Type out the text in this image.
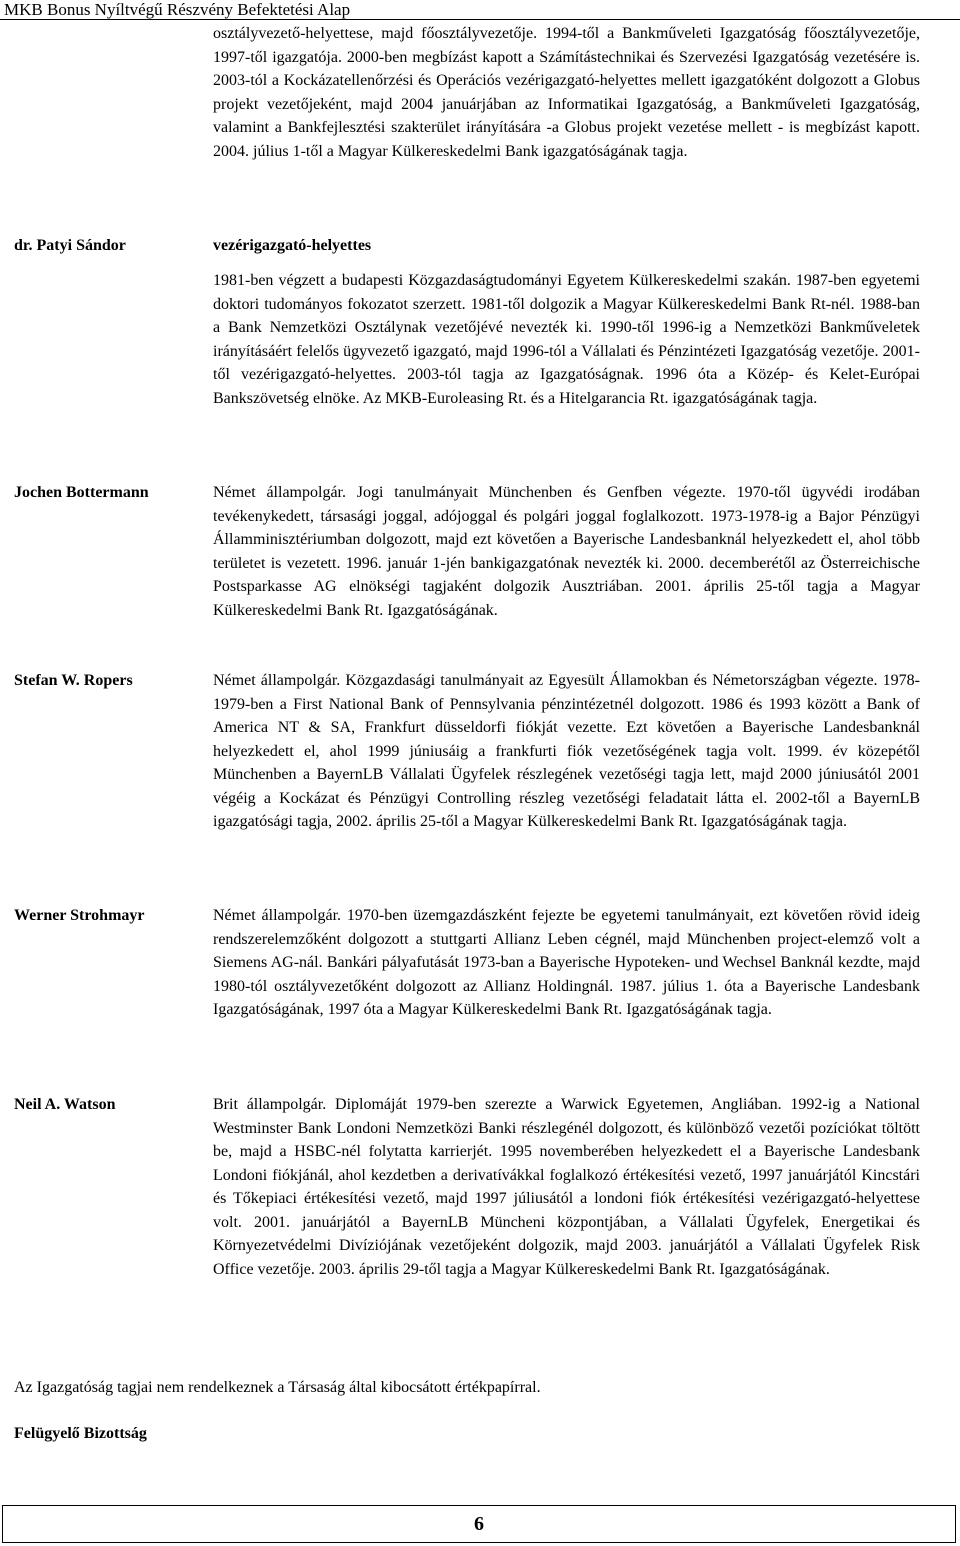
MKB Bonus Nyíltvégű Részvény Befektetési Alap

osztályvezető-helyettese, majd főosztályvezetője. 1994-től a Bankműveleti Igazgatóság főosztályvezetője, 1997-től igazgatója. 2000-ben megbízást kapott a Számítástechnikai és Szervezési Igazgatóság vezetésére is. 2003-tól a Kockázatellenőrzési és Operációs vezérigazgató-helyettes mellett igazgatóként dolgozott a Globus projekt vezetőjeként, majd 2004 januárjában az Informatikai Igazgatóság, a Bankműveleti Igazgatóság, valamint a Bankfejlesztési szakterület irányítására -a Globus projekt vezetése mellett - is megbízást kapott. 2004. július 1-től a Magyar Külkereskedelmi Bank igazgatóságának tagja.

dr. Patyi Sándor	vezérigazgató-helyettes

1981-ben végzett a budapesti Közgazdaságtudományi Egyetem Külkereskedelmi szakán. 1987-ben egyetemi doktori tudományos fokozatot szerzett. 1981-től dolgozik a Magyar Külkereskedelmi Bank Rt-nél. 1988-ban a Bank Nemzetközi Osztálynak vezetőjévé nevezték ki. 1990-től 1996-ig a Nemzetközi Bankműveletek irányításáért felelős ügyvezető igazgató, majd 1996-tól a Vállalati és Pénzintézeti Igazgatóság vezetője. 2001-től vezérigazgató-helyettes. 2003-tól tagja az Igazgatóságnak. 1996 óta a Közép- és Kelet-Európai Bankszövetség elnöke. Az MKB-Euroleasing Rt. és a Hitelgarancia Rt. igazgatóságának tagja.

Jochen Bottermann	Német állampolgár. Jogi tanulmányait Münchenben és Genfben végezte. 1970-től ügyvédi irodában tevékenykedett, társasági joggal, adójoggal és polgári joggal foglalkozott. 1973-1978-ig a Bajor Pénzügyi Államminisztériumban dolgozott, majd ezt követően a Bayerische Landesbanknál helyezkedett el, ahol több területet is vezetett. 1996. január 1-jén bankigazgatónak nevezték ki. 2000. decemberétől az Österreichische Postsparkasse AG elnökségi tagjaként dolgozik Ausztriában. 2001. április 25-től tagja a Magyar Külkereskedelmi Bank Rt. Igazgatóságának.

Stefan W. Ropers	Német állampolgár. Közgazdasági tanulmányait az Egyesült Államokban és Németországban végezte. 1978-1979-ben a First National Bank of Pennsylvania pénzintézetnél dolgozott. 1986 és 1993 között a Bank of America NT & SA, Frankfurt düsseldorfi fiókját vezette. Ezt követően a Bayerische Landesbanknál helyezkedett el, ahol 1999 júniusáig a frankfurti fiók vezetőségének tagja volt. 1999. év közepétől Münchenben a BayernLB Vállalati Ügyfelek részlegének vezetőségi tagja lett, majd 2000 júniusától 2001 végéig a Kockázat és Pénzügyi Controlling részleg vezetőségi feladatait látta el. 2002-től a BayernLB igazgatósági tagja, 2002. április 25-től a Magyar Külkereskedelmi Bank Rt. Igazgatóságának tagja.

Werner Strohmayr	Német állampolgár. 1970-ben üzemgazdászként fejezte be egyetemi tanulmányait, ezt követően rövid ideig rendszerelemzőként dolgozott a stuttgarti Allianz Leben cégnél, majd Münchenben project-elemző volt a Siemens AG-nál. Bankári pályafutását 1973-ban a Bayerische Hypoteken- und Wechsel Banknál kezdte, majd 1980-tól osztályvezetőként dolgozott az Allianz Holdingnál. 1987. július 1. óta a Bayerische Landesbank Igazgatóságának, 1997 óta a Magyar Külkereskedelmi Bank Rt. Igazgatóságának tagja.

Neil A. Watson	Brit állampolgár. Diplomáját 1979-ben szerezte a Warwick Egyetemen, Angliában. 1992-ig a National Westminster Bank Londoni Nemzetközi Banki részlegénél dolgozott, és különböző vezetői pozíciókat töltött be, majd a HSBC-nél folytatta karrierjét. 1995 novemberében helyezkedett el a Bayerische Landesbank Londoni fiókjánál, ahol kezdetben a derivatívákkal foglalkozó értékesítési vezető, 1997 januárjától Kincstári és Tőkepiaci értékesítési vezető, majd 1997 júliusától a londoni fiók értékesítési vezérigazgató-helyettese volt. 2001. januárjától a BayernLB Müncheni központjában, a Vállalati Ügyfelek, Energetikai és Környezetvédelmi Divíziójának vezetőjeként dolgozik, majd 2003. januárjától a Vállalati Ügyfelek Risk Office vezetője. 2003. április 29-től tagja a Magyar Külkereskedelmi Bank Rt. Igazgatóságának.

Az Igazgatóság tagjai nem rendelkeznek a Társaság által kibocsátott értékpapírral.
Felügyelő Bizottság
6
